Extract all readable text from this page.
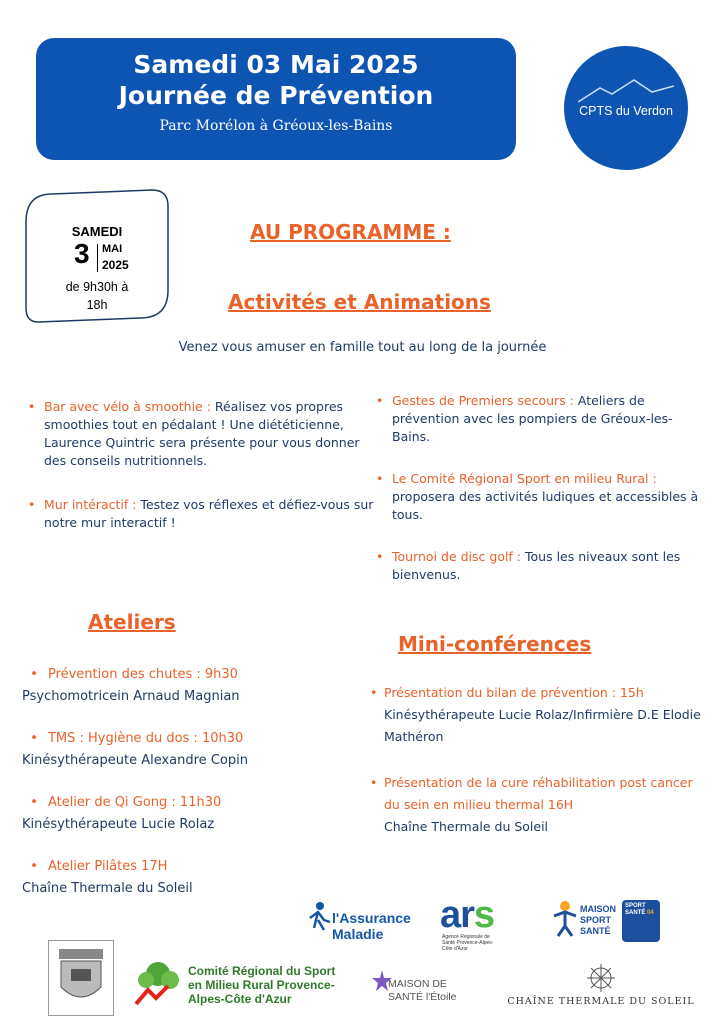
Samedi 03 Mai 2025
Journée de Prévention
Parc Morélon à Gréoux-les-Bains
CPTS du Verdon
SAMEDI
3 MAI
2025
de 9h30h à
18h
AU PROGRAMME :
Activités et Animations
Venez vous amuser en famille tout au long de la journée
• Bar avec vélo à smoothie : Réalisez vos propres smoothies tout en pédalant ! Une diététicienne, Laurence Quintric sera présente pour vous donner des conseils nutritionnels.
• Mur intéractif : Testez vos réflexes et défiez-vous sur notre mur interactif !
• Gestes de Premiers secours : Ateliers de prévention avec les pompiers de Gréoux-les-Bains.
• Le Comité Régional Sport en milieu Rural : proposera des activités ludiques et accessibles à tous.
• Tournoi de disc golf : Tous les niveaux sont les bienvenus.
Ateliers
Mini-conférences
• Prévention des chutes : 9h30
Psychomotricein Arnaud Magnian
• TMS : Hygiène du dos : 10h30
Kinésythérapeute Alexandre Copin
• Atelier de Qi Gong : 11h30
Kinésythérapeute Lucie Rolaz
• Atelier Pilâtes 17H
Chaîne Thermale du Soleil
• Présentation du bilan de prévention : 15h Kinésythérapeute Lucie Rolaz/Infirmière D.E Elodie Mathéron
• Présentation de la cure réhabilitation post cancer du sein en milieu thermal 16H
Chaîne Thermale du Soleil
l'Assurance Maladie	ars
Agence Régionale de Santé Provence-Alpes-Côte d'Azur
MAISON SPORT SANTÉ
SPORT SANTÉ 04
Comité Régional du Sport en Milieu Rural Provence-Alpes-Côte d'Azur
MAISON DE SANTÉ l'Étoile	CHAÎNE THERMALE DU SOLEIL
